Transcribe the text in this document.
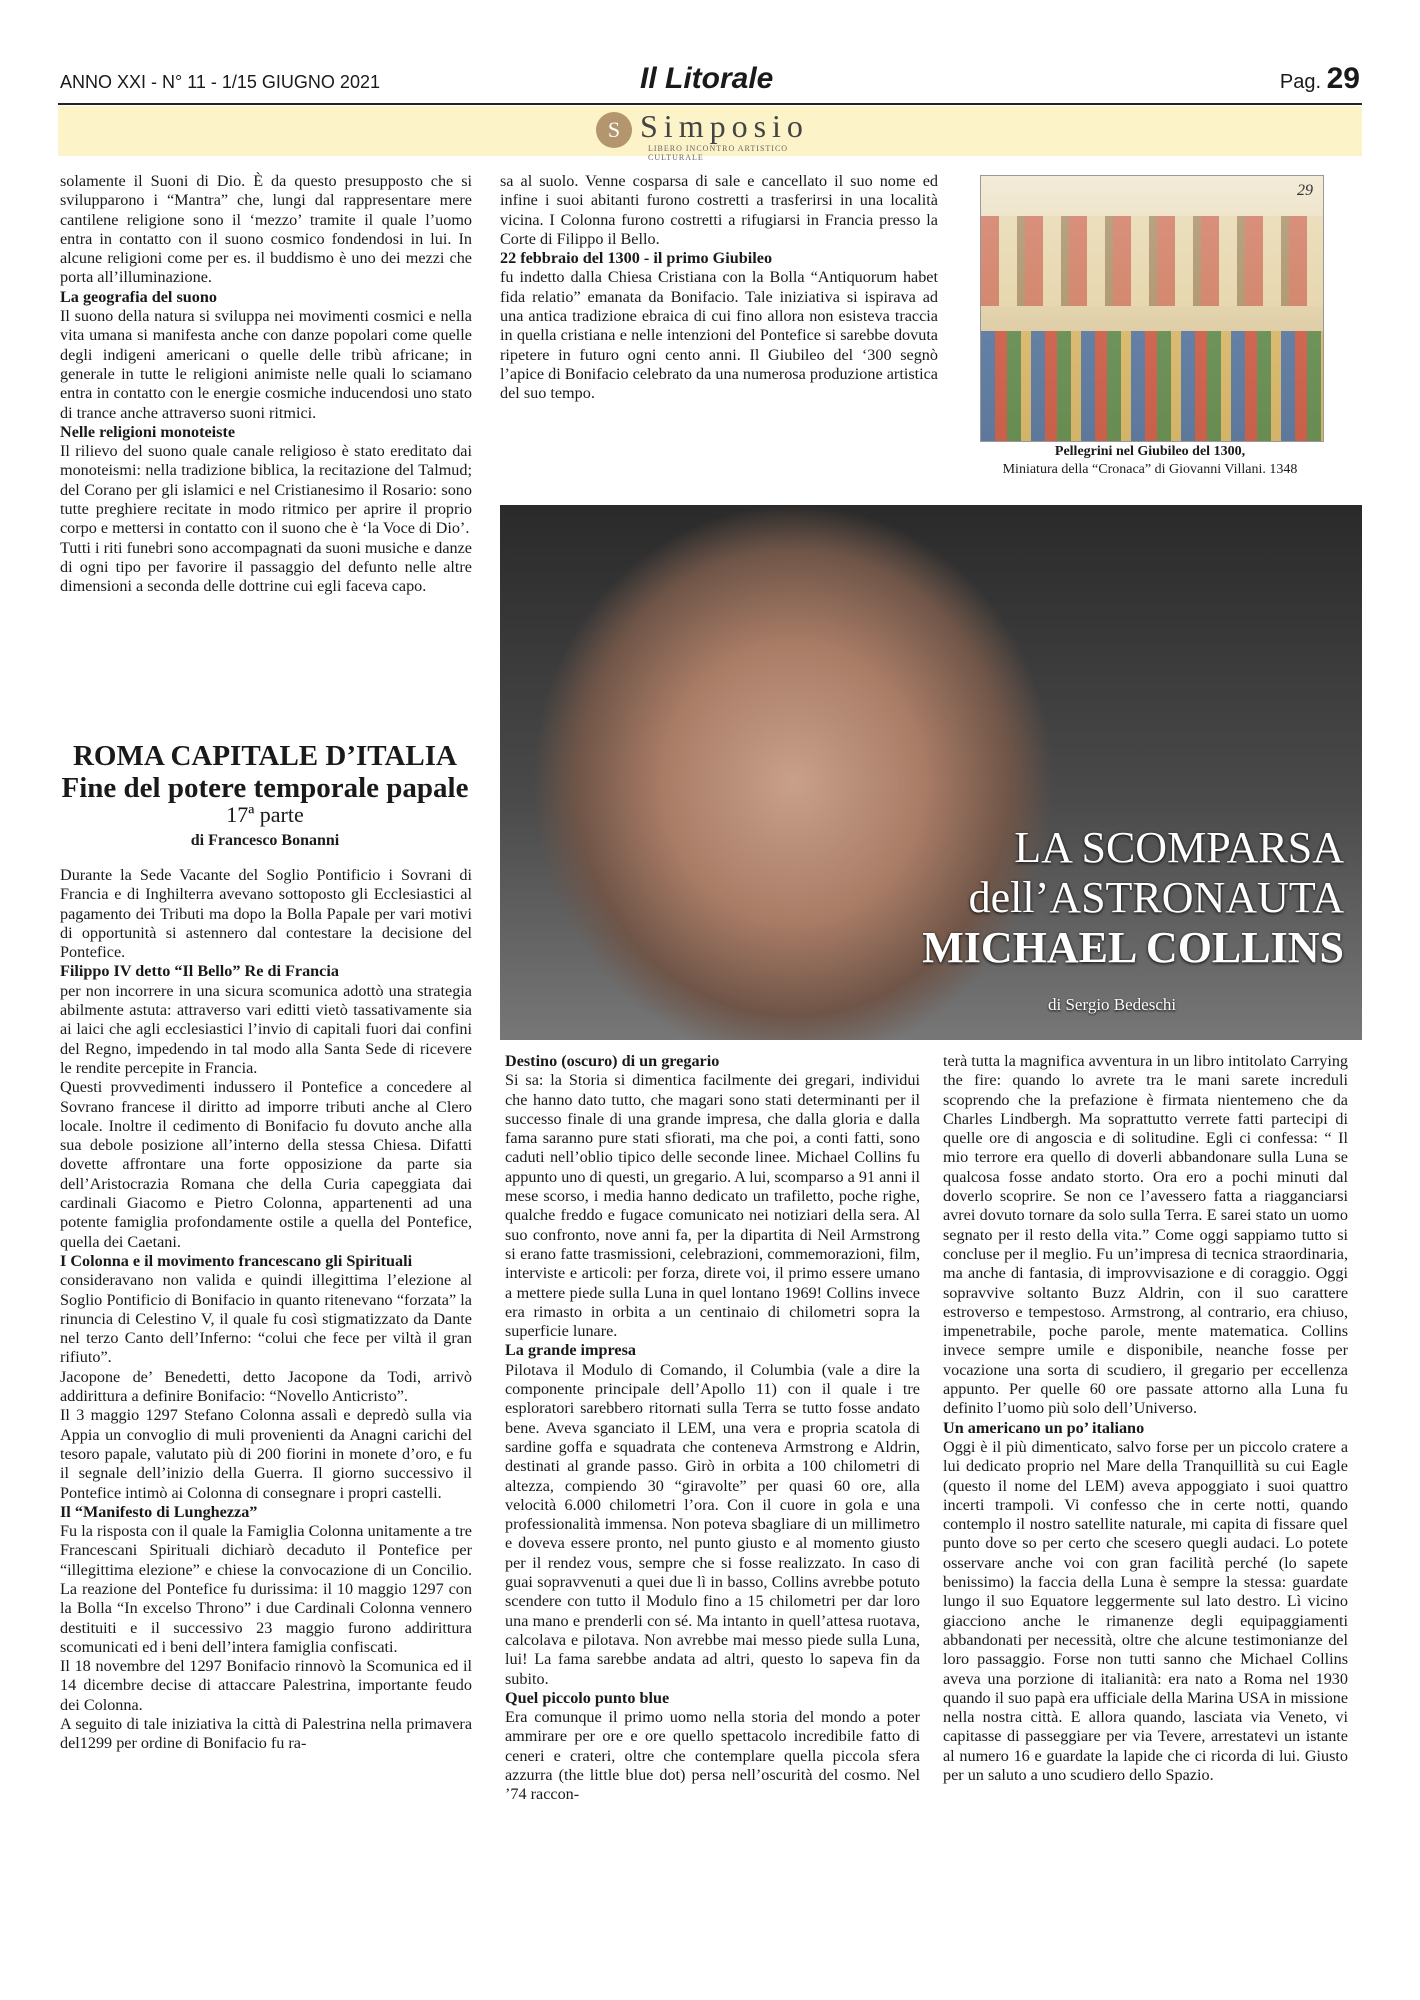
ANNO XXI - N° 11 - 1/15 GIUGNO 2021	Il Litorale	Pag. 29
S Simposio
LIBERO INCONTRO ARTISTICO CULTURALE

solamente il Suoni di Dio. È da questo presupposto che si svilupparono i “Mantra” che, lungi dal rappresentare mere cantilene religione sono il ‘mezzo’ tramite il quale l’uomo entra in contatto con il suono cosmico fondendosi in lui. In alcune religioni come per es. il buddismo è uno dei mezzi che porta all’illuminazione.

La geografia del suono

Il suono della natura si sviluppa nei movimenti cosmici e nella vita umana si manifesta anche con danze popolari come quelle degli indigeni americani o quelle delle tribù africane; in generale in tutte le religioni animiste nelle quali lo sciamano entra in contatto con le energie cosmiche inducendosi uno stato di trance anche attraverso suoni ritmici.

Nelle religioni monoteiste

Il rilievo del suono quale canale religioso è stato ereditato dai monoteismi: nella tradizione biblica, la recitazione del Talmud; del Corano per gli islamici e nel Cristianesimo il Rosario: sono tutte preghiere recitate in modo ritmico per aprire il proprio corpo e mettersi in contatto con il suono che è ‘la Voce di Dio’.

Tutti i riti funebri sono accompagnati da suoni musiche e danze di ogni tipo per favorire il passaggio del defunto nelle altre dimensioni a seconda delle dottrine cui egli faceva capo.

sa al suolo. Venne cosparsa di sale e cancellato il suo nome ed infine i suoi abitanti furono costretti a trasferirsi in una località vicina. I Colonna furono costretti a rifugiarsi in Francia presso la Corte di Filippo il Bello.

22 febbraio del 1300 - il primo Giubileo

fu indetto dalla Chiesa Cristiana con la Bolla “Antiquorum habet fida relatio” emanata da Bonifacio. Tale iniziativa si ispirava ad una antica tradizione ebraica di cui fino allora non esisteva traccia in quella cristiana e nelle intenzioni del Pontefice si sarebbe dovuta ripetere in futuro ogni cento anni. Il Giubileo del ‘300 segnò l’apice di Bonifacio celebrato da una numerosa produzione artistica del suo tempo.

29
Pellegrini nel Giubileo del 1300,
Miniatura della “Cronaca” di Giovanni Villani. 1348
ROMA CAPITALE D’ITALIA Fine del potere temporale papale
17ª parte
di Francesco Bonanni

Durante la Sede Vacante del Soglio Pontificio i Sovrani di Francia e di Inghilterra avevano sottoposto gli Ecclesiastici al pagamento dei Tributi ma dopo la Bolla Papale per vari motivi di opportunità si astennero dal contestare la decisione del Pontefice.

Filippo IV detto “Il Bello” Re di Francia

per non incorrere in una sicura scomunica adottò una strategia abilmente astuta: attraverso vari editti vietò tassativamente sia ai laici che agli ecclesiastici l’invio di capitali fuori dai confini del Regno, impedendo in tal modo alla Santa Sede di ricevere le rendite percepite in Francia.

Questi provvedimenti indussero il Pontefice a concedere al Sovrano francese il diritto ad imporre tributi anche al Clero locale. Inoltre il cedimento di Bonifacio fu dovuto anche alla sua debole posizione all’interno della stessa Chiesa. Difatti dovette affrontare una forte opposizione da parte sia dell’Aristocrazia Romana che della Curia capeggiata dai cardinali Giacomo e Pietro Colonna, appartenenti ad una potente famiglia profondamente ostile a quella del Pontefice, quella dei Caetani.

I Colonna e il movimento francescano gli Spirituali

consideravano non valida e quindi illegittima l’elezione al Soglio Pontificio di Bonifacio in quanto ritenevano “forzata” la rinuncia di Celestino V, il quale fu così stigmatizzato da Dante nel terzo Canto dell’Inferno: “colui che fece per viltà il gran rifiuto”.

Jacopone de’ Benedetti, detto Jacopone da Todi, arrivò addirittura a definire Bonifacio: “Novello Anticristo”.

Il 3 maggio 1297 Stefano Colonna assalì e depredò sulla via Appia un convoglio di muli provenienti da Anagni carichi del tesoro papale, valutato più di 200 fiorini in monete d’oro, e fu il segnale dell’inizio della Guerra. Il giorno successivo il Pontefice intimò ai Colonna di consegnare i propri castelli.

Il “Manifesto di Lunghezza”

Fu la risposta con il quale la Famiglia Colonna unitamente a tre Francescani Spirituali dichiarò decaduto il Pontefice per “illegittima elezione” e chiese la convocazione di un Concilio. La reazione del Pontefice fu durissima: il 10 maggio 1297 con la Bolla “In excelso Throno” i due Cardinali Colonna vennero destituiti e il successivo 23 maggio furono addirittura scomunicati ed i beni dell’intera famiglia confiscati.

Il 18 novembre del 1297 Bonifacio rinnovò la Scomunica ed il 14 dicembre decise di attaccare Palestrina, importante feudo dei Colonna.

A seguito di tale iniziativa la città di Palestrina nella primavera del1299 per ordine di Bonifacio fu ra-

LA SCOMPARSA
dell’ASTRONAUTA
MICHAEL COLLINS
di Sergio Bedeschi

Destino (oscuro) di un gregario

Si sa: la Storia si dimentica facilmente dei gregari, individui che hanno dato tutto, che magari sono stati determinanti per il successo finale di una grande impresa, che dalla gloria e dalla fama saranno pure stati sfiorati, ma che poi, a conti fatti, sono caduti nell’oblio tipico delle seconde linee. Michael Collins fu appunto uno di questi, un gregario. A lui, scomparso a 91 anni il mese scorso, i media hanno dedicato un trafiletto, poche righe, qualche freddo e fugace comunicato nei notiziari della sera. Al suo confronto, nove anni fa, per la dipartita di Neil Armstrong si erano fatte trasmissioni, celebrazioni, commemorazioni, film, interviste e articoli: per forza, direte voi, il primo essere umano a mettere piede sulla Luna in quel lontano 1969! Collins invece era rimasto in orbita a un centinaio di chilometri sopra la superficie lunare.

La grande impresa

Pilotava il Modulo di Comando, il Columbia (vale a dire la componente principale dell’Apollo 11) con il quale i tre esploratori sarebbero ritornati sulla Terra se tutto fosse andato bene. Aveva sganciato il LEM, una vera e propria scatola di sardine goffa e squadrata che conteneva Armstrong e Aldrin, destinati al grande passo. Girò in orbita a 100 chilometri di altezza, compiendo 30 “giravolte” per quasi 60 ore, alla velocità 6.000 chilometri l’ora. Con il cuore in gola e una professionalità immensa. Non poteva sbagliare di un millimetro e doveva essere pronto, nel punto giusto e al momento giusto per il rendez vous, sempre che si fosse realizzato. In caso di guai sopravvenuti a quei due lì in basso, Collins avrebbe potuto scendere con tutto il Modulo fino a 15 chilometri per dar loro una mano e prenderli con sé. Ma intanto in quell’attesa ruotava, calcolava e pilotava. Non avrebbe mai messo piede sulla Luna, lui! La fama sarebbe andata ad altri, questo lo sapeva fin da subito.

Quel piccolo punto blue

Era comunque il primo uomo nella storia del mondo a poter ammirare per ore e ore quello spettacolo incredibile fatto di ceneri e crateri, oltre che contemplare quella piccola sfera azzurra (the little blue dot) persa nell’oscurità del cosmo. Nel ’74 raccon-

terà tutta la magnifica avventura in un libro intitolato Carrying the fire: quando lo avrete tra le mani sarete increduli scoprendo che la prefazione è firmata nientemeno che da Charles Lindbergh. Ma soprattutto verrete fatti partecipi di quelle ore di angoscia e di solitudine. Egli ci confessa: “ Il mio terrore era quello di doverli abbandonare sulla Luna se qualcosa fosse andato storto. Ora ero a pochi minuti dal doverlo scoprire. Se non ce l’avessero fatta a riagganciarsi avrei dovuto tornare da solo sulla Terra. E sarei stato un uomo segnato per il resto della vita.” Come oggi sappiamo tutto si concluse per il meglio. Fu un’impresa di tecnica straordinaria, ma anche di fantasia, di improvvisazione e di coraggio. Oggi sopravvive soltanto Buzz Aldrin, con il suo carattere estroverso e tempestoso. Armstrong, al contrario, era chiuso, impenetrabile, poche parole, mente matematica. Collins invece sempre umile e disponibile, neanche fosse per vocazione una sorta di scudiero, il gregario per eccellenza appunto. Per quelle 60 ore passate attorno alla Luna fu definito l’uomo più solo dell’Universo.

Un americano un po’ italiano

Oggi è il più dimenticato, salvo forse per un piccolo cratere a lui dedicato proprio nel Mare della Tranquillità su cui Eagle (questo il nome del LEM) aveva appoggiato i suoi quattro incerti trampoli. Vi confesso che in certe notti, quando contemplo il nostro satellite naturale, mi capita di fissare quel punto dove so per certo che scesero quegli audaci. Lo potete osservare anche voi con gran facilità perché (lo sapete benissimo) la faccia della Luna è sempre la stessa: guardate lungo il suo Equatore leggermente sul lato destro. Lì vicino giacciono anche le rimanenze degli equipaggiamenti abbandonati per necessità, oltre che alcune testimonianze del loro passaggio. Forse non tutti sanno che Michael Collins aveva una porzione di italianità: era nato a Roma nel 1930 quando il suo papà era ufficiale della Marina USA in missione nella nostra città. E allora quando, lasciata via Veneto, vi capitasse di passeggiare per via Tevere, arrestatevi un istante al numero 16 e guardate la lapide che ci ricorda di lui. Giusto per un saluto a uno scudiero dello Spazio.
